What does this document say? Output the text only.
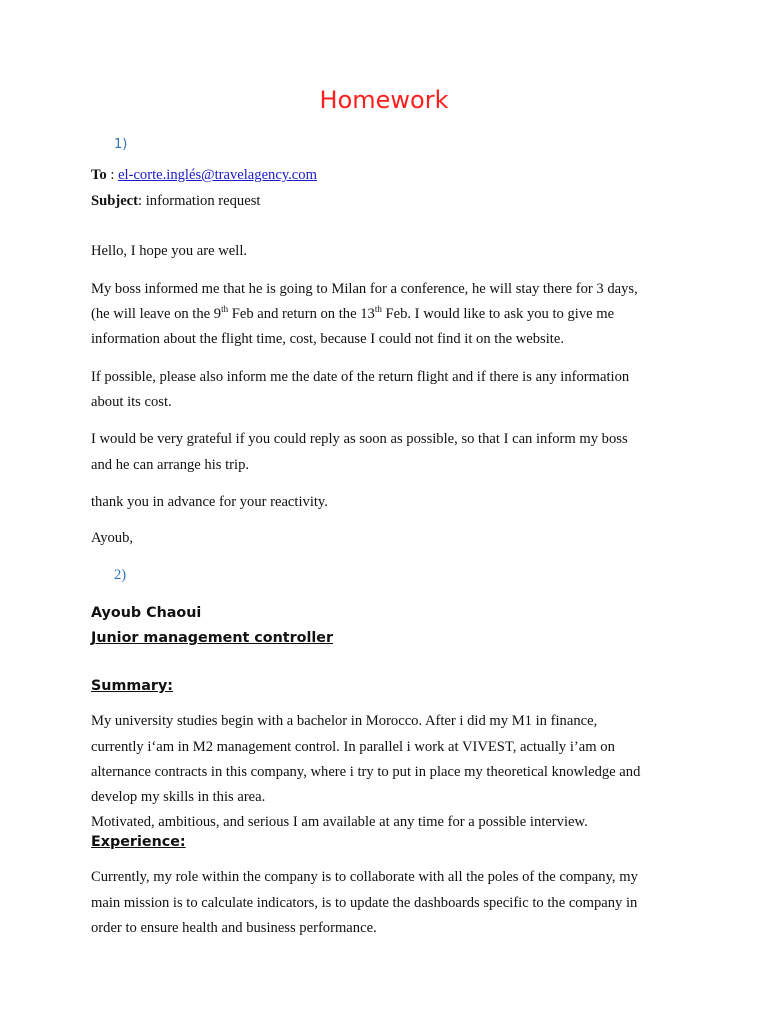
Homework
1)
To : el-corte.inglés@travelagency.com
Subject: information request
Hello, I hope you are well.
My boss informed me that he is going to Milan for a conference, he will stay there for 3 days,
(he will leave on the 9th Feb and return on the 13th Feb. I would like to ask you to give me
information about the flight time, cost, because I could not find it on the website.
If possible, please also inform me the date of the return flight and if there is any information
about its cost.
I would be very grateful if you could reply as soon as possible, so that I can inform my boss
and he can arrange his trip.
thank you in advance for your reactivity.
Ayoub,
2)
Ayoub Chaoui
Junior management controller
Summary:
My university studies begin with a bachelor in Morocco. After i did my M1 in finance,
currently i‘am in M2 management control. In parallel i work at VIVEST, actually i’am on
alternance contracts in this company, where i try to put in place my theoretical knowledge and
develop my skills in this area.
Motivated, ambitious, and serious I am available at any time for a possible interview.
Experience:
Currently, my role within the company is to collaborate with all the poles of the company, my
main mission is to calculate indicators, is to update the dashboards specific to the company in
order to ensure health and business performance.
